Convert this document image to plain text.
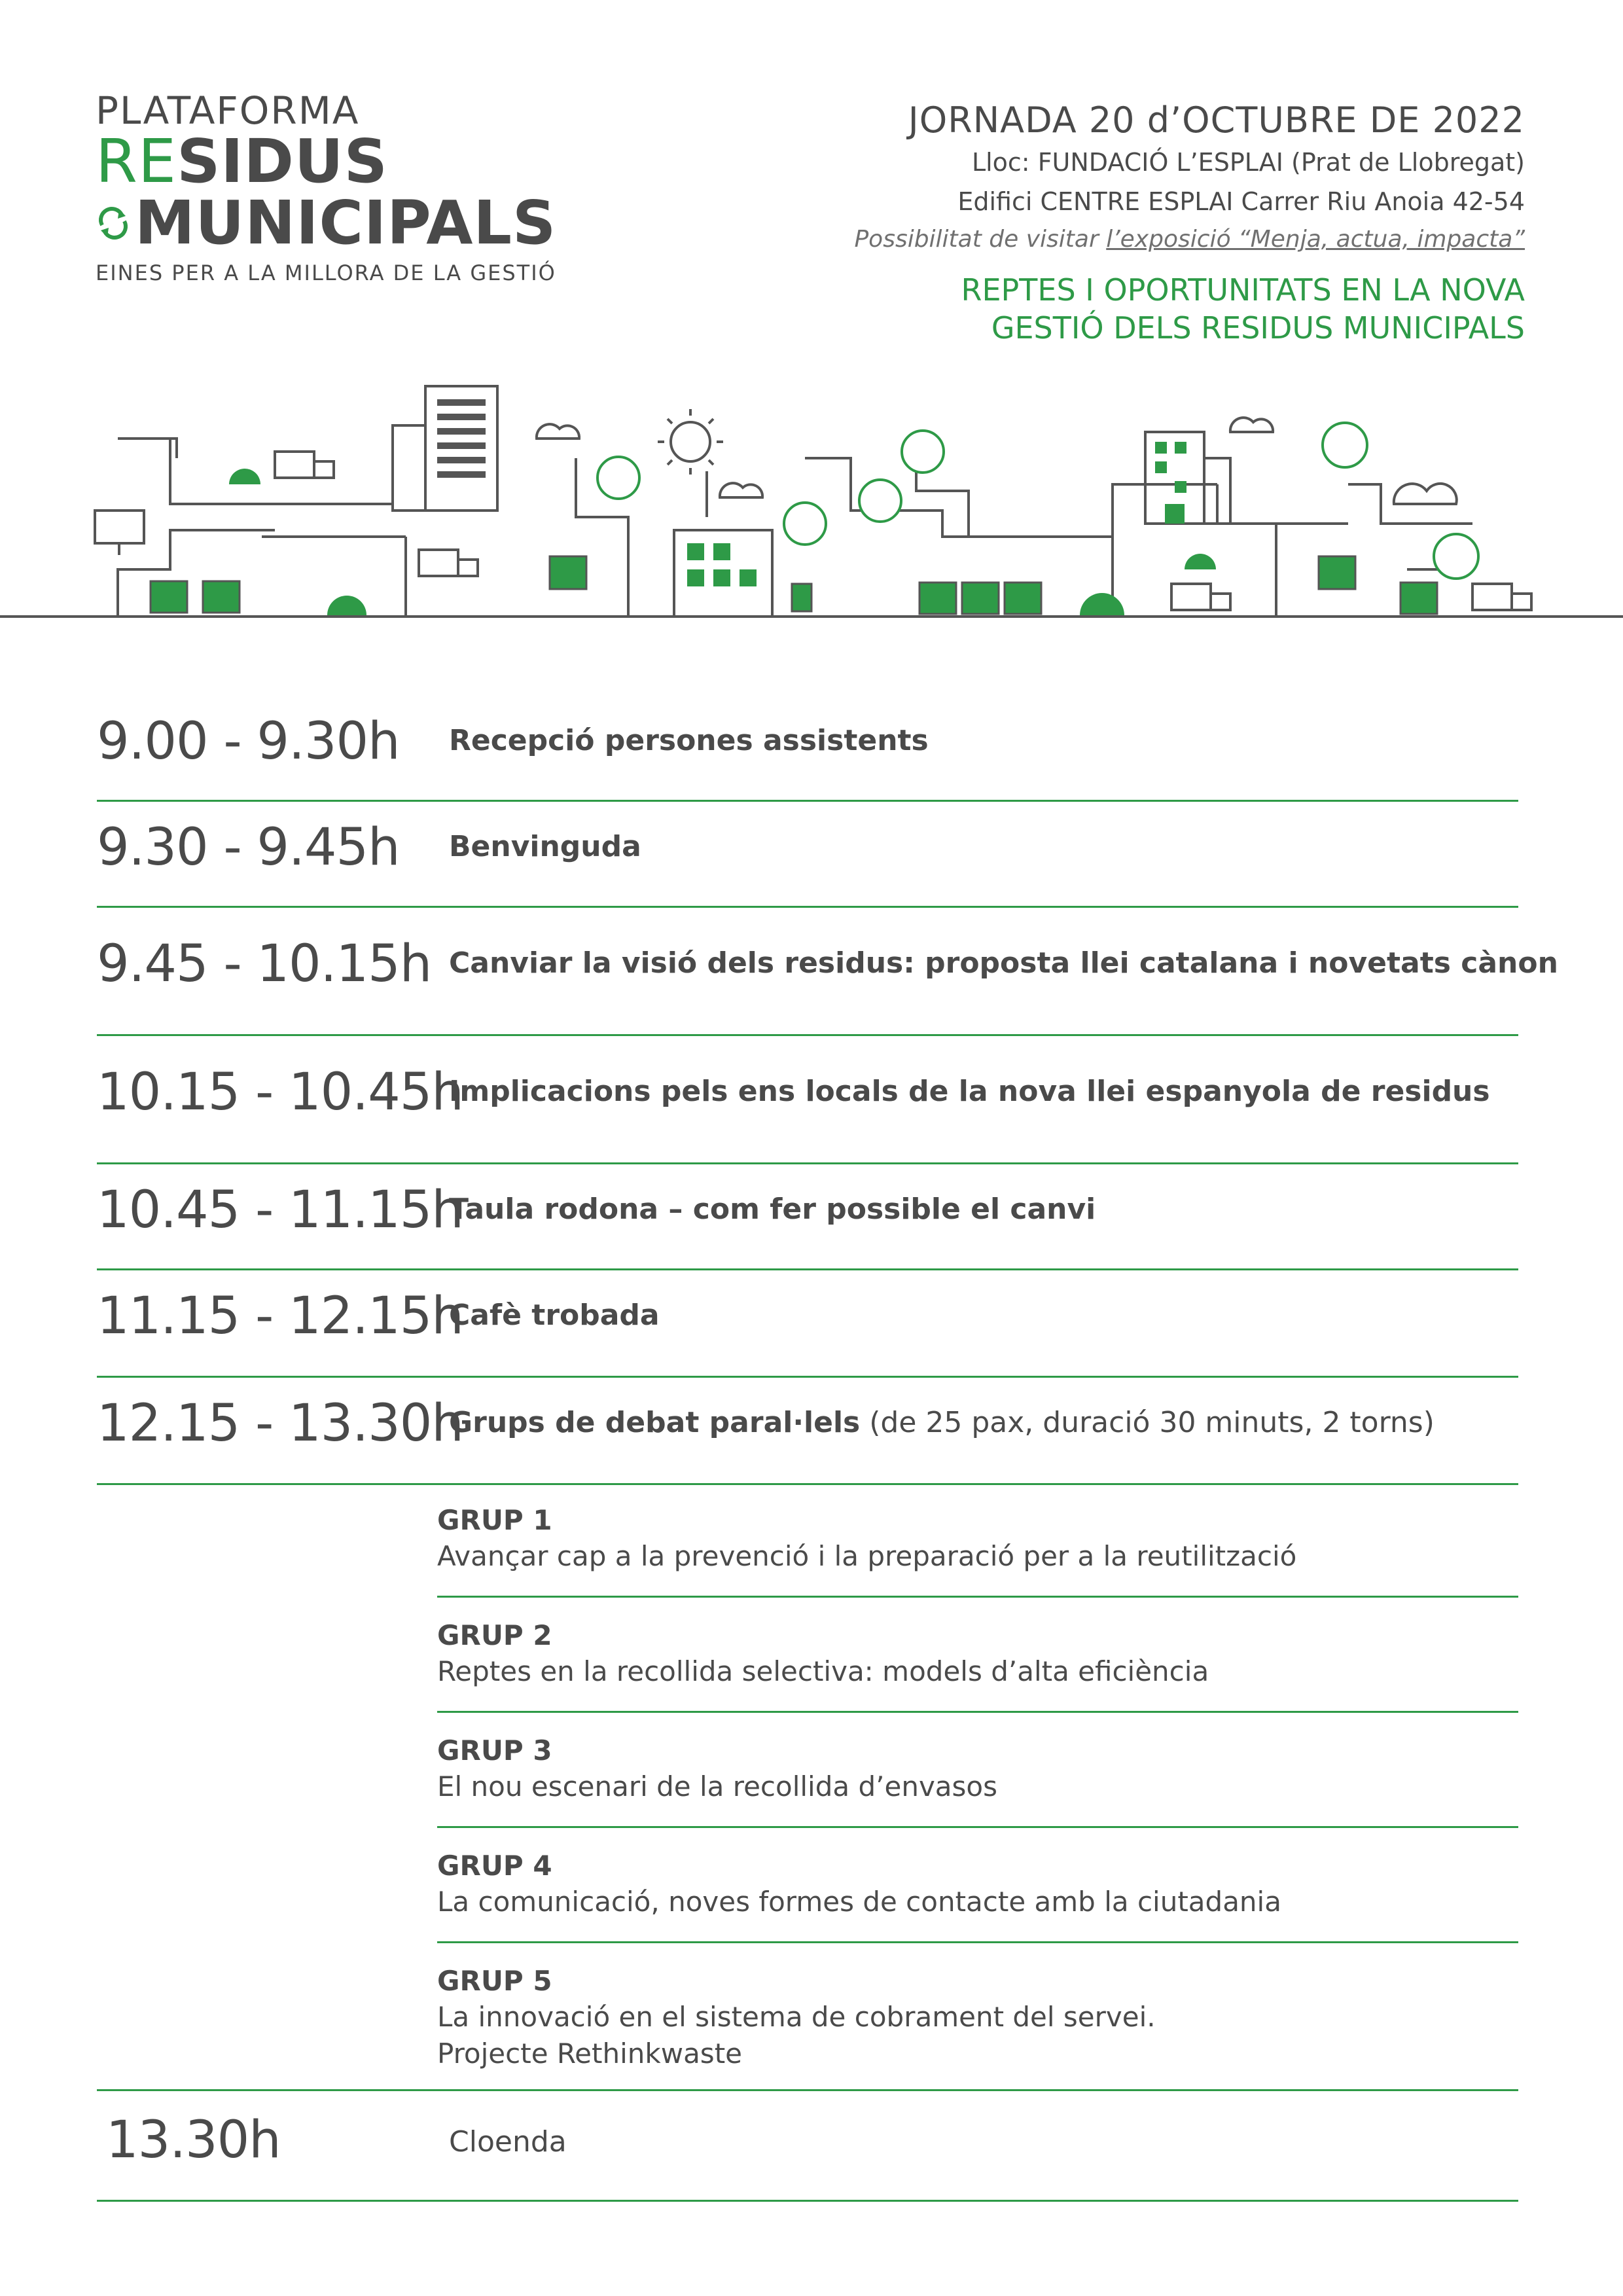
PLATAFORMA
RESIDUS
MUNICIPALS
EINES PER A LA MILLORA DE LA GESTIÓ
JORNADA 20 d’OCTUBRE DE 2022
Lloc: FUNDACIÓ L’ESPLAI (Prat de Llobregat)
Edifici CENTRE ESPLAI Carrer Riu Anoia 42-54
Possibilitat de visitar l’exposició “Menja, actua, impacta”
REPTES I OPORTUNITATS EN LA NOVA
GESTIÓ DELS RESIDUS MUNICIPALS
9.00 - 9.30h Recepció persones assistents
9.30 - 9.45h Benvinguda
9.45 - 10.15h Canviar la visió dels residus: proposta llei catalana i novetats cànon
10.15 - 10.45h
Implicacions pels ens locals de la nova llei espanyola de residus
10.45 - 11.15h
Taula rodona – com fer possible el canvi
11.15 - 12.15h
Cafè trobada
12.15 - 13.30h
Grups de debat paral·lels (de 25 pax, duració 30 minuts, 2 torns)
GRUP 1
Avançar cap a la prevenció i la preparació per a la reutilització
GRUP 2
Reptes en la recollida selectiva: models d’alta eficiència
GRUP 3
El nou escenari de la recollida d’envasos
GRUP 4
La comunicació, noves formes de contacte amb la ciutadania
GRUP 5
La innovació en el sistema de cobrament del servei.
Projecte Rethinkwaste
13.30h	Cloenda
